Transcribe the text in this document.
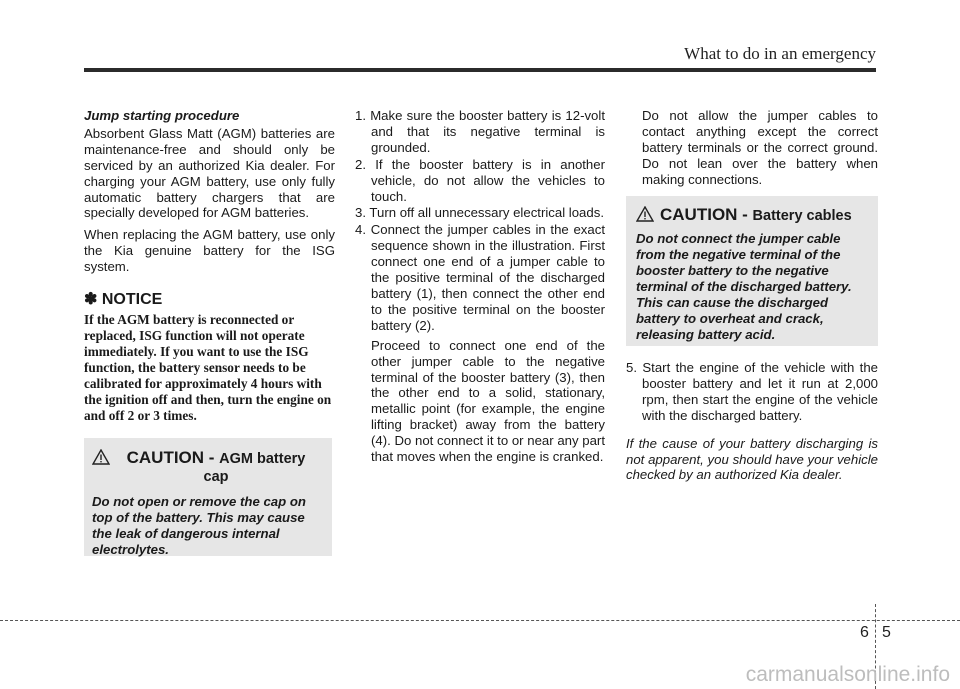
What to do in an emergency

Jump starting procedure

Absorbent Glass Matt (AGM) batteries are maintenance-free and should only be serviced by an authorized Kia dealer. For charging your AGM battery, use only fully automatic battery chargers that are specially developed for AGM batteries.

When replacing the AGM battery, use only the Kia genuine battery for the ISG system.

✽ NOTICE

If the AGM battery is reconnected or replaced, ISG function will not operate immediately. If you want to use the ISG function, the battery sensor needs to be calibrated for approximately 4 hours with the ignition off and then, turn the engine on and off 2 or 3 times.

CAUTION - AGM battery cap

Do not open or remove the cap on top of the battery. This may cause the leak of dangerous internal electrolytes.

1. Make sure the booster battery is 12-volt and that its negative terminal is grounded.
2. If the booster battery is in another vehicle, do not allow the vehicles to touch.
3. Turn off all unnecessary electrical loads.
4. Connect the jumper cables in the exact sequence shown in the illustration. First connect one end of a jumper cable to the positive terminal of the discharged battery (1), then connect the other end to the positive terminal on the booster battery (2).

Proceed to connect one end of the other jumper cable to the negative terminal of the booster battery (3), then the other end to a solid, stationary, metallic point (for example, the engine lifting bracket) away from the battery (4). Do not connect it to or near any part that moves when the engine is cranked.

Do not allow the jumper cables to contact anything except the correct battery terminals or the correct ground. Do not lean over the battery when making connections.

CAUTION - Battery cables

Do not connect the jumper cable from the negative terminal of the booster battery to the negative terminal of the discharged battery. This can cause the discharged battery to overheat and crack, releasing battery acid.

5. Start the engine of the vehicle with the booster battery and let it run at 2,000 rpm, then start the engine of the vehicle with the discharged battery.

If the cause of your battery discharging is not apparent, you should have your vehicle checked by an authorized Kia dealer.

6 5
carmanualsonline.info
